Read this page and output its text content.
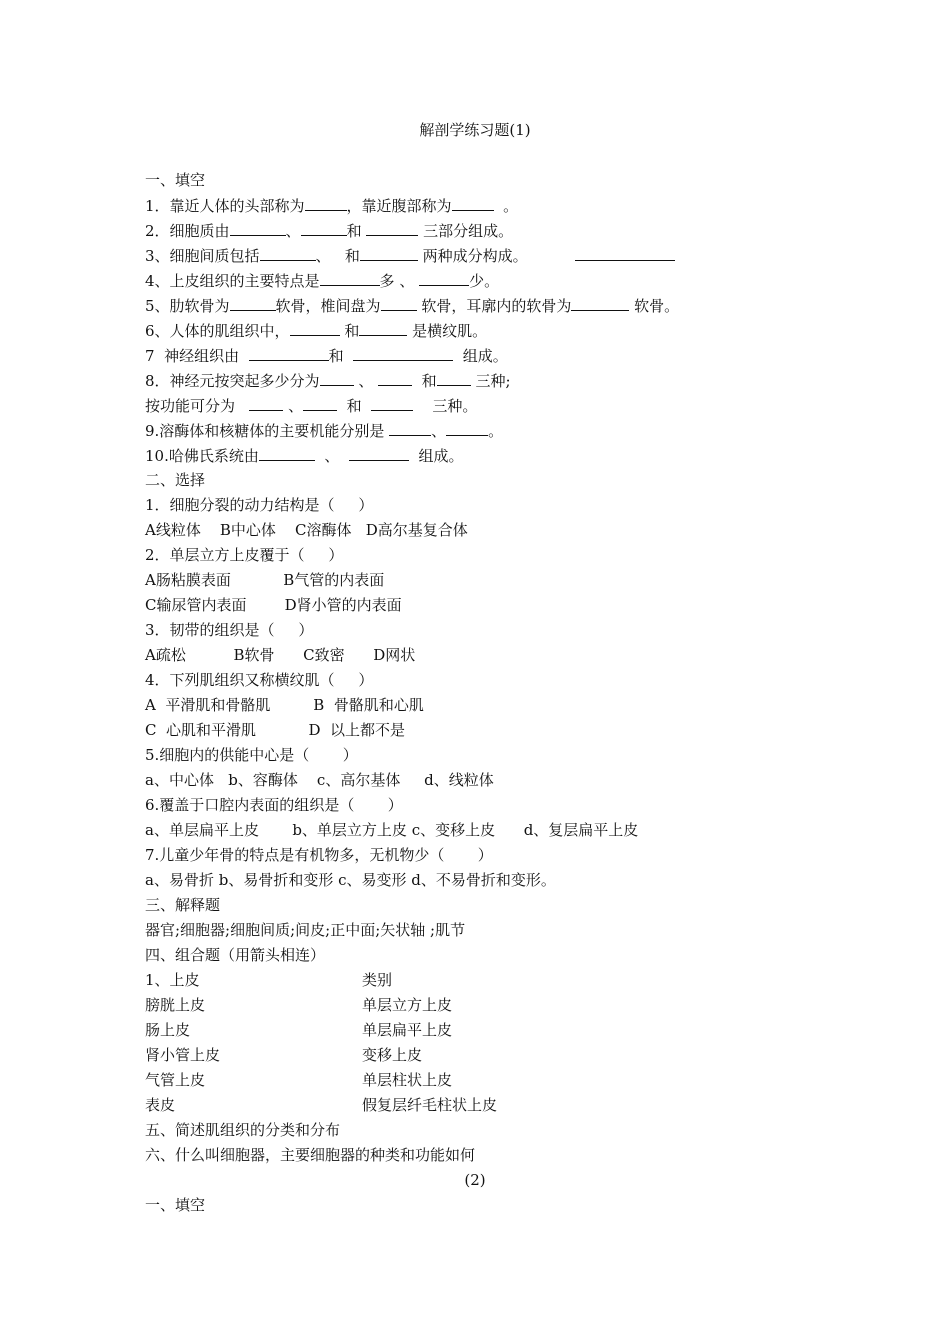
解剖学练习题(1)
一、填空
1．靠近人体的头部称为	，靠近腹部称为	。
2．细胞质由	、	和	三部分组成。
3、细胞间质包括	、 和	两种成分构成。
4、上皮组织的主要特点是	多 、	少。
5、肋软骨为	软骨，椎间盘为	软骨，耳廓内的软骨为	软骨。
6、人体的肌组织中，	和	是横纹肌。
7  神经组织由	和	组成。
8．神经元按突起多少分为	、	和	三种;
按功能可分为	、	和	三种。
9.溶酶体和核糖体的主要机能分别是	、	。
10.哈佛氏系统由	、	组成。
二、选择
1．细胞分裂的动力结构是（     ）
A线粒体    B中心体    C溶酶体   D高尔基复合体
2．单层立方上皮覆于（     ）
A肠粘膜表面           B气管的内表面
C输尿管内表面        D肾小管的内表面
3．韧带的组织是（     ）
A疏松          B软骨      C致密      D网状
4．下列肌组织又称横纹肌（     ）
A  平滑肌和骨骼肌         B  骨骼肌和心肌
C  心肌和平滑肌           D  以上都不是
5.细胞内的供能中心是（       ）
a、中心体   b、容酶体    c、高尔基体     d、线粒体
6.覆盖于口腔内表面的组织是（       ）
a、单层扁平上皮       b、单层立方上皮 c、变移上皮      d、复层扁平上皮
7.儿童少年骨的特点是有机物多，无机物少（       ）
a、易骨折 b、易骨折和变形 c、易变形 d、不易骨折和变形。
三、解释题
器官;细胞器;细胞间质;间皮;正中面;矢状轴 ;肌节
四、组合题（用箭头相连）
1、上皮	类别
膀胱上皮	单层立方上皮
肠上皮	单层扁平上皮
肾小管上皮	变移上皮
气管上皮	单层柱状上皮
表皮	假复层纤毛柱状上皮
五、简述肌组织的分类和分布
六、什么叫细胞器，主要细胞器的种类和功能如何
(2)
一、填空
